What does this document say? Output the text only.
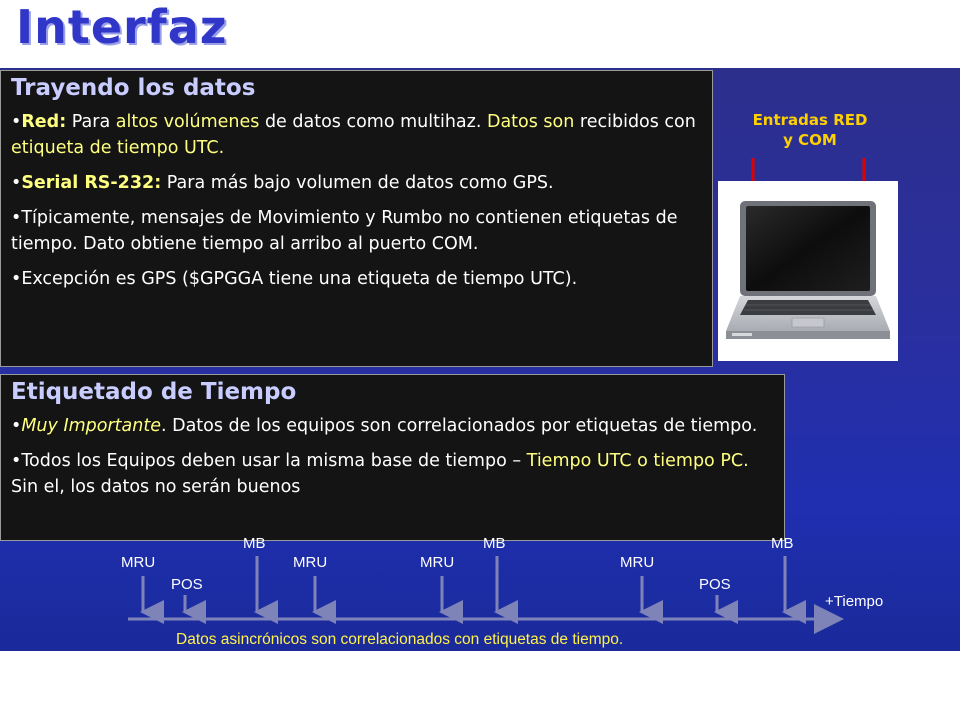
Interfaz
Trayendo los datos

•Red: Para altos volúmenes de datos como multihaz. Datos son recibidos con etiqueta de tiempo UTC.

•Serial RS-232: Para más bajo volumen de datos como GPS.

•Típicamente, mensajes de Movimiento y Rumbo no contienen etiquetas de tiempo. Dato obtiene tiempo al arribo al puerto COM.

•Excepción es GPS ($GPGGA tiene una etiqueta de tiempo UTC).

Etiquetado de Tiempo

•Muy Importante. Datos de los equipos son correlacionados por etiquetas de tiempo.

•Todos los Equipos deben usar la misma base de tiempo – Tiempo UTC o tiempo PC. Sin el, los datos no serán buenos

Entradas RED
y COM
MRU
POS
MB
MRU	MRU
MB
MRU
POS
MB
+Tiempo
Datos asincrónicos son correlacionados con etiquetas de tiempo.
